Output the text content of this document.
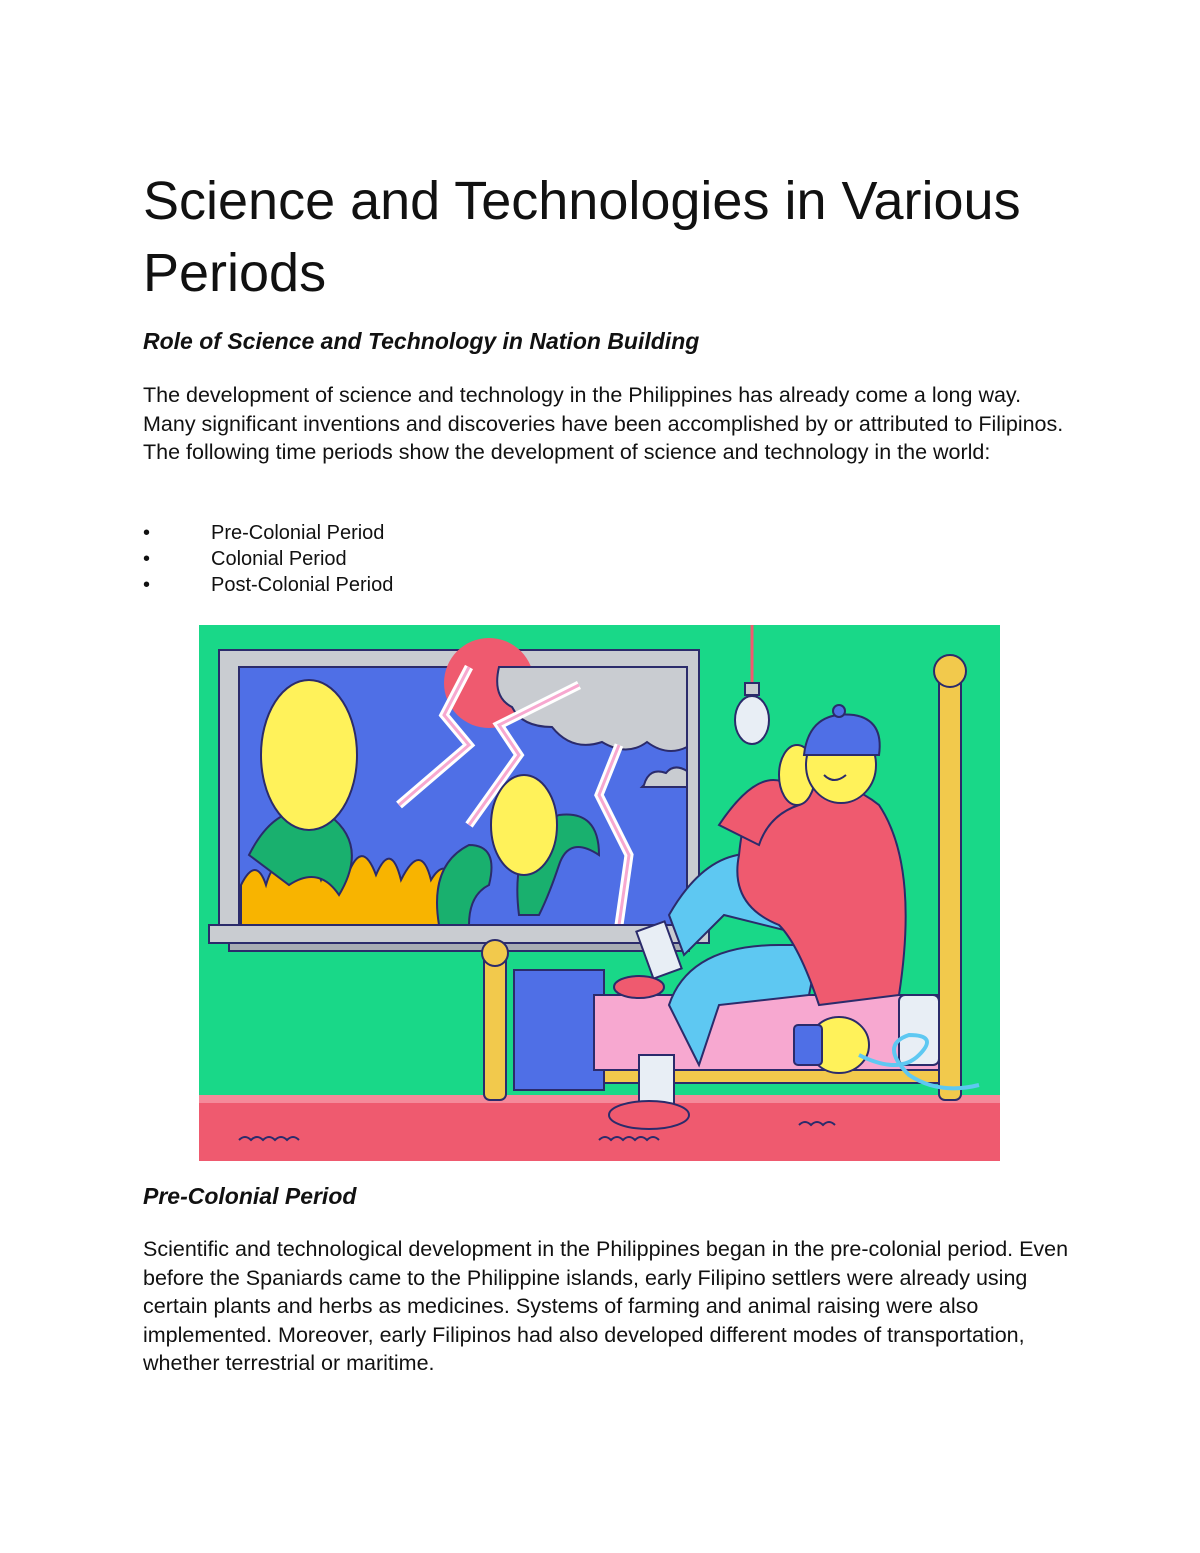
Science and Technologies in Various Periods
Role of Science and Technology in Nation Building

The development of science and technology in the Philippines has already come a long way. Many significant inventions and discoveries have been accomplished by or attributed to Filipinos. The following time periods show the development of science and technology in the world:

•	Pre-Colonial Period
•	Colonial Period
•	Post-Colonial Period
Pre-Colonial Period

Scientific and technological development in the Philippines began in the pre-colonial period. Even before the Spaniards came to the Philippine islands, early Filipino settlers were already using certain plants and herbs as medicines. Systems of farming and animal raising were also implemented. Moreover, early Filipinos had also developed different modes of transportation, whether terrestrial or maritime.
